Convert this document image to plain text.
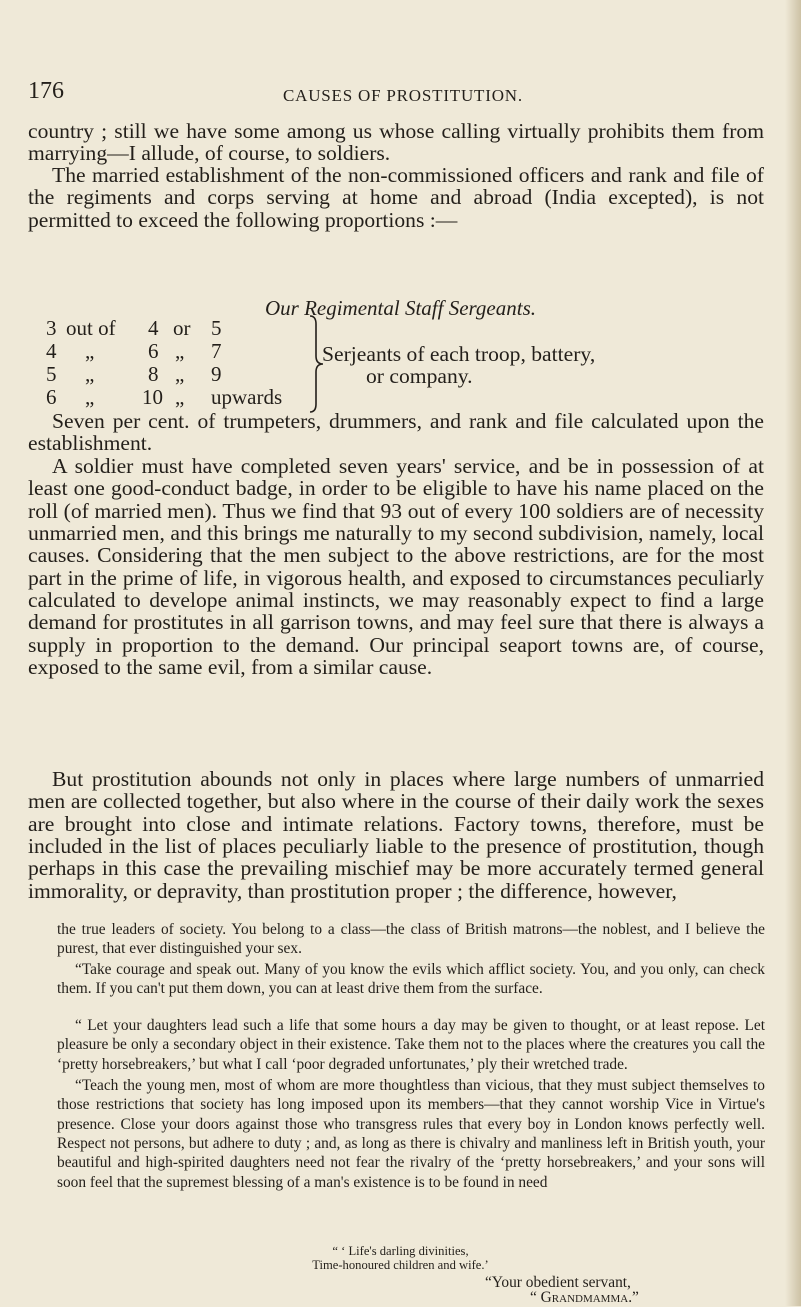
176	CAUSES OF PROSTITUTION.

country ; still we have some among us whose calling virtually prohibits them from marrying—I allude, of course, to soldiers.

The married establishment of the non-commissioned officers and rank and file of the regiments and corps serving at home and abroad (India excepted), is not permitted to exceed the following proportions :—

Our Regimental Staff Sergeants.
3 out of 4 or 5
4 „	6 „ 7
5 „	8 „ 9
6 „ 10 „ upwards
Serjeants of each troop, battery,
or company.

Seven per cent. of trumpeters, drummers, and rank and file calculated upon the establishment.

A soldier must have completed seven years' service, and be in possession of at least one good-conduct badge, in order to be eligible to have his name placed on the roll (of married men). Thus we find that 93 out of every 100 soldiers are of necessity unmarried men, and this brings me naturally to my second subdivision, namely, local causes. Considering that the men subject to the above restrictions, are for the most part in the prime of life, in vigorous health, and exposed to circumstances peculiarly calculated to develope animal instincts, we may reasonably expect to find a large demand for prostitutes in all garrison towns, and may feel sure that there is always a supply in proportion to the demand. Our principal seaport towns are, of course, exposed to the same evil, from a similar cause.

But prostitution abounds not only in places where large numbers of unmarried men are collected together, but also where in the course of their daily work the sexes are brought into close and intimate relations. Factory towns, therefore, must be included in the list of places peculiarly liable to the presence of prostitution, though perhaps in this case the prevailing mischief may be more accurately termed general immorality, or depravity, than prostitution proper ; the difference, however,

the true leaders of society. You belong to a class—the class of British matrons—the noblest, and I believe the purest, that ever distinguished your sex.

“Take courage and speak out. Many of you know the evils which afflict society. You, and you only, can check them. If you can't put them down, you can at least drive them from the surface.

“ Let your daughters lead such a life that some hours a day may be given to thought, or at least repose. Let pleasure be only a secondary object in their existence. Take them not to the places where the creatures you call the ‘pretty horsebreakers,’ but what I call ‘poor degraded unfortunates,’ ply their wretched trade.

“Teach the young men, most of whom are more thoughtless than vicious, that they must subject themselves to those restrictions that society has long imposed upon its members—that they cannot worship Vice in Virtue's presence. Close your doors against those who transgress rules that every boy in London knows perfectly well. Respect not persons, but adhere to duty ; and, as long as there is chivalry and manliness left in British youth, your beautiful and high-spirited daughters need not fear the rivalry of the ‘pretty horsebreakers,’ and your sons will soon feel that the supremest blessing of a man's existence is to be found in need

“ ‘ Life's darling divinities,
Time-honoured children and wife.’
“Your obedient servant,
“ Grandmamma.”
